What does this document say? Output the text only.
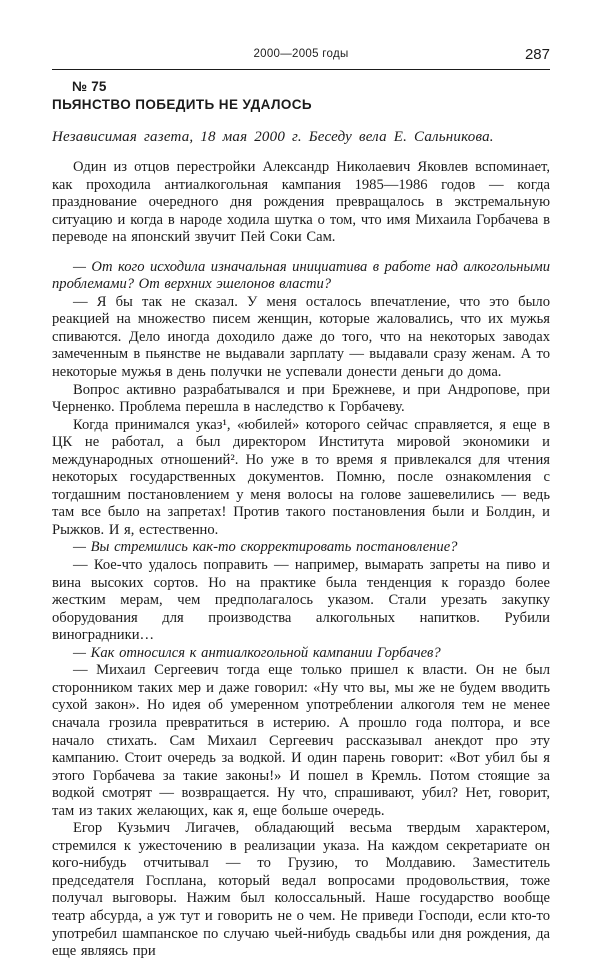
2000—2005 годы	287
№ 75
ПЬЯНСТВО ПОБЕДИТЬ НЕ УДАЛОСЬ

Независимая газета, 18 мая 2000 г. Беседу вела Е. Сальникова.

Один из отцов перестройки Александр Николаевич Яковлев вспоминает, как проходила антиалкогольная кампания 1985—1986 годов — когда празднование очередного дня рождения превращалось в экстремальную ситуацию и когда в народе ходила шутка о том, что имя Михаила Горбачева в переводе на японский звучит Пей Соки Сам.

— От кого исходила изначальная инициатива в работе над алкогольными проблемами? От верхних эшелонов власти?

— Я бы так не сказал. У меня осталось впечатление, что это было реакцией на множество писем женщин, которые жаловались, что их мужья спиваются. Дело иногда доходило даже до того, что на некоторых заводах замеченным в пьянстве не выдавали зарплату — выдавали сразу женам. А то некоторые мужья в день получки не успевали донести деньги до дома.

Вопрос активно разрабатывался и при Брежневе, и при Андропове, при Черненко. Проблема перешла в наследство к Горбачеву.

Когда принимался указ¹, «юбилей» которого сейчас справляется, я еще в ЦК не работал, а был директором Института мировой экономики и международных отношений². Но уже в то время я привлекался для чтения некоторых государственных документов. Помню, после ознакомления с тогдашним постановлением у меня волосы на голове зашевелились — ведь там все было на запретах! Против такого постановления были и Болдин, и Рыжков. И я, естественно.

— Вы стремились как-то скорректировать постановление?

— Кое-что удалось поправить — например, вымарать запреты на пиво и вина высоких сортов. Но на практике была тенденция к гораздо более жестким мерам, чем предполагалось указом. Стали урезать закупку оборудования для производства алкогольных напитков. Рубили виноградники…

— Как относился к антиалкогольной кампании Горбачев?

— Михаил Сергеевич тогда еще только пришел к власти. Он не был сторонником таких мер и даже говорил: «Ну что вы, мы же не будем вводить сухой закон». Но идея об умеренном употреблении алкоголя тем не менее сначала грозила превратиться в истерию. А прошло года полтора, и все начало стихать. Сам Михаил Сергеевич рассказывал анекдот про эту кампанию. Стоит очередь за водкой. И один парень говорит: «Вот убил бы я этого Горбачева за такие законы!» И пошел в Кремль. Потом стоящие за водкой смотрят — возвращается. Ну что, спрашивают, убил? Нет, говорит, там из таких желающих, как я, еще больше очередь.

Егор Кузьмич Лигачев, обладающий весьма твердым характером, стремился к ужесточению в реализации указа. На каждом секретариате он кого-нибудь отчитывал — то Грузию, то Молдавию. Заместитель председателя Госплана, который ведал вопросами продовольствия, тоже получал выговоры. Нажим был колоссальный. Наше государство вообще театр абсурда, а уж тут и говорить не о чем. Не приведи Господи, если кто-то употребил шампанское по случаю чьей-нибудь свадьбы или дня рождения, да еще являясь при
